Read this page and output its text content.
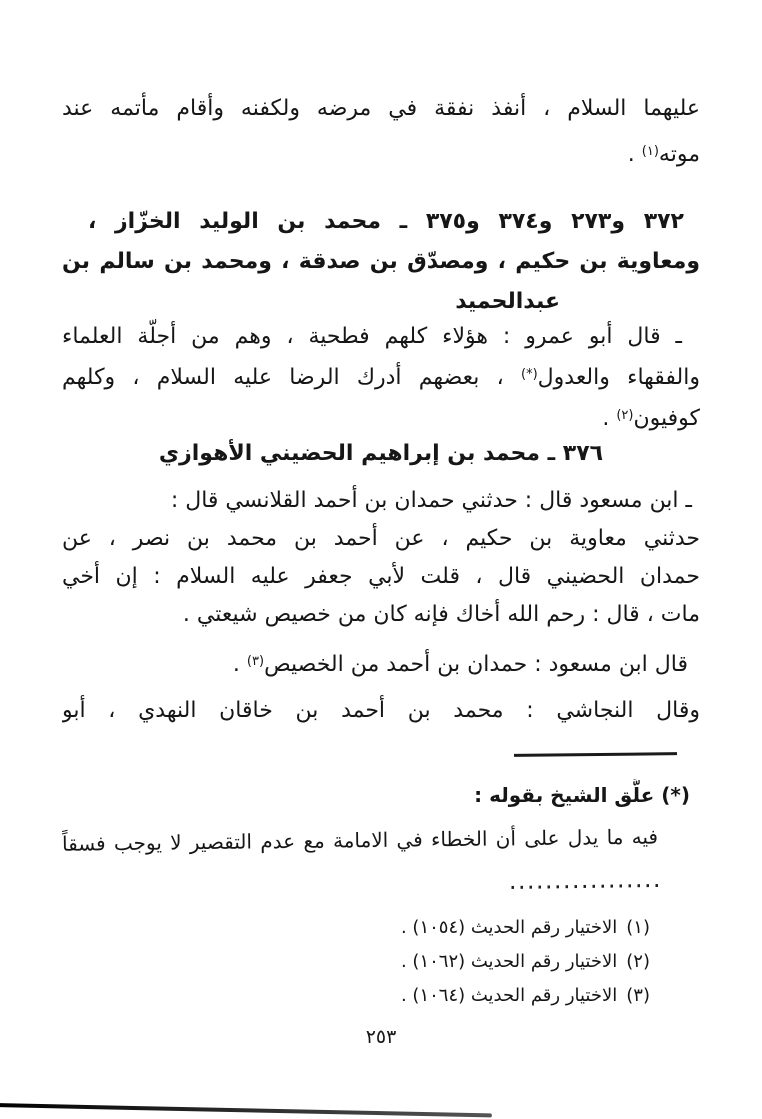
عليهما السلام ، أنفذ نفقة في مرضه ولكفنه وأقام مأتمه عند
موته$^{(١)}$ .
٣٧٢ و٢٧٣ و٣٧٤ و٣٧٥ ـ محمد بن الوليد الخزّاز ،
ومعاوية بن حكيم ، ومصدّق بن صدقة ، ومحمد بن سالم بن
عبدالحميد
ـ قال أبو عمرو : هؤلاء كلهم فطحية ، وهم من أجلّة العلماء
والفقهاء والعدول(*) ، بعضهم أدرك الرضا عليه السلام ، وكلهم
كوفيون$^{(٢)}$ .
٣٧٦ ـ محمد بن إبراهيم الحضيني الأهوازي
ـ ابن مسعود قال : حدثني حمدان بن أحمد القلانسي قال :
حدثني معاوية بن حكيم ، عن أحمد بن محمد بن نصر ، عن
حمدان الحضيني قال ، قلت لأبي جعفر عليه السلام : إن أخي
مات ، قال : رحم الله أخاك فإنه كان من خصيص شيعتي .
قال ابن مسعود : حمدان بن أحمد من الخصيص$^{(٣)}$ .
وقال النجاشي : محمد بن أحمد بن خاقان النهدي ، أبو
(*) علَّق الشيخ بقوله :
فيه ما يدل على أن الخطاء في الامامة مع عدم التقصير لا يوجب فسقاً
(١)الاختيار رقم الحديث (١٠٥٤) .
(٢)الاختيار رقم الحديث (١٠٦٢) .
(٣)الاختيار رقم الحديث (١٠٦٤) .
٢٥٣
